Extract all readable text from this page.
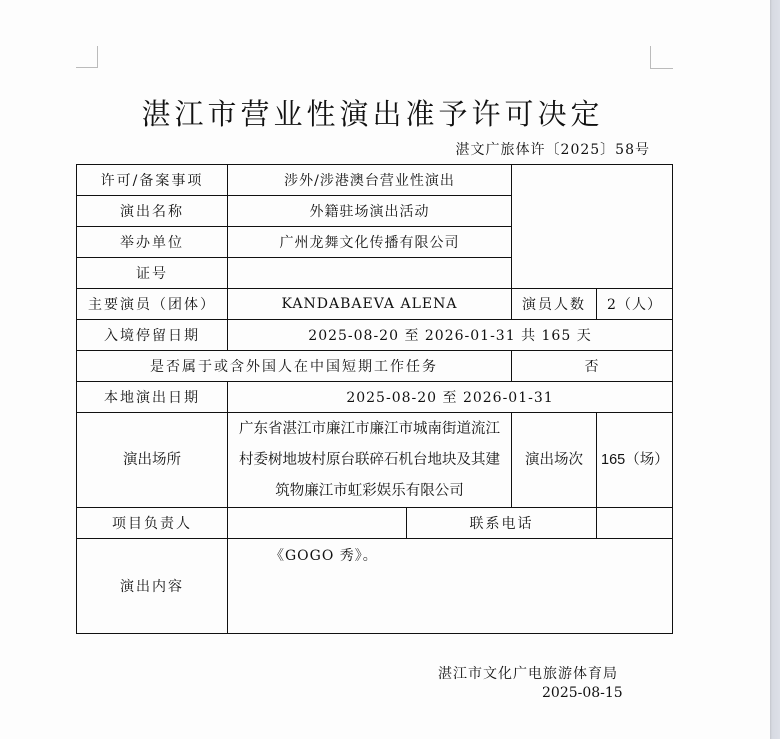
湛江市营业性演出准予许可决定
湛文广旅体许〔2025〕58号
许可/备案事项	涉外/涉港澳台营业性演出			
演出名称	外籍驻场演出活动			
举办单位	广州龙舞文化传播有限公司			
证号				
主要演员（团体）	KANDABAEVA ALENA		演员人数	2（人）
入境停留日期	2025-08-20 至 2026-01-31 共 165 天			
是否属于或含外国人在中国短期工作任务			否	
本地演出日期	2025-08-20 至 2026-01-31			
演出场所	广东省湛江市廉江市廉江市城南街道流江村委树地坡村原台联碎石机台地块及其建筑物廉江市虹彩娱乐有限公司		演出场次	165（场）
项目负责人		联系电话		
演出内容	《GOGO 秀》。			
湛江市文化广电旅游体育局
2025-08-15
